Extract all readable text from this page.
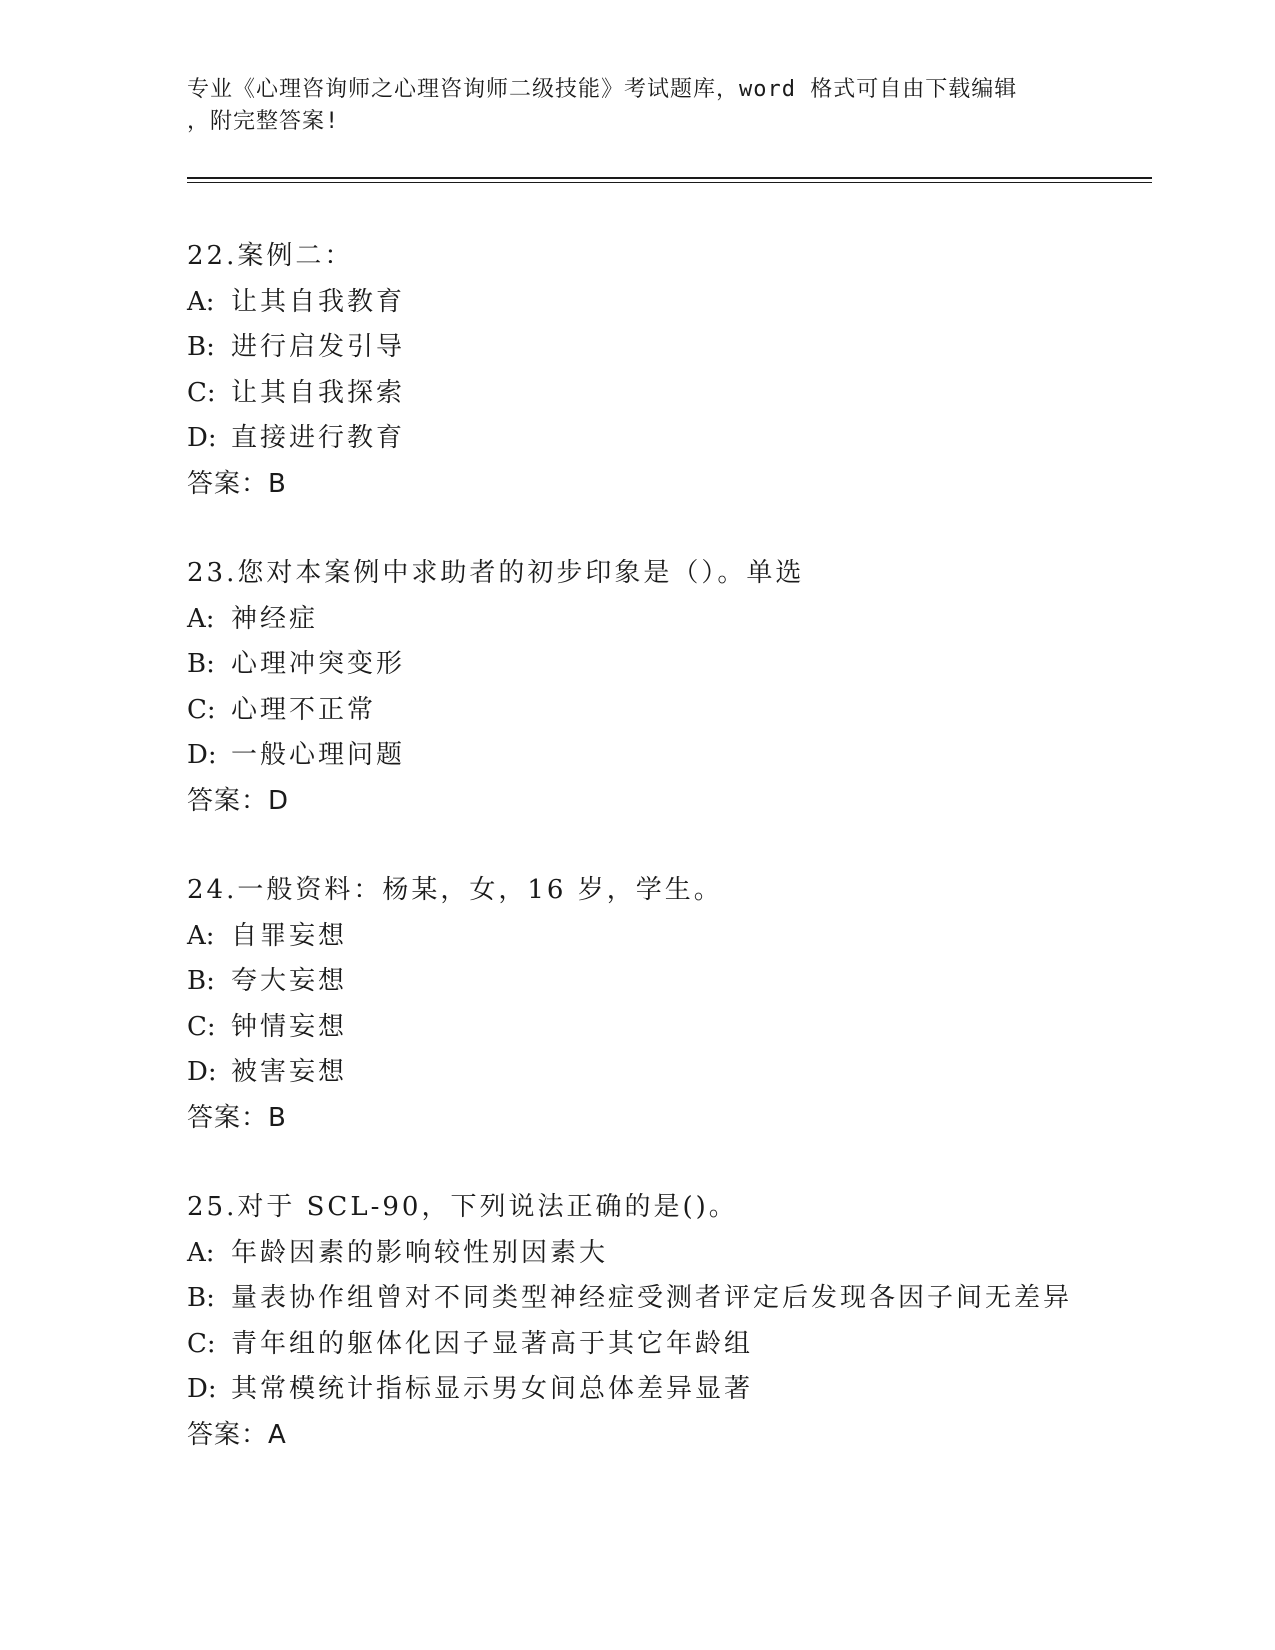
专业《心理咨询师之心理咨询师二级技能》考试题库，word 格式可自由下载编辑
，附完整答案!
22.案例二：
A: 让其自我教育
B: 进行启发引导
C: 让其自我探索
D: 直接进行教育
答案：B
23.您对本案例中求助者的初步印象是（）。单选
A: 神经症
B: 心理冲突变形
C: 心理不正常
D: 一般心理问题
答案：D
24.一般资料：杨某，女，16 岁，学生。
A: 自罪妄想
B: 夸大妄想
C: 钟情妄想
D: 被害妄想
答案：B
25.对于 SCL-90，下列说法正确的是()。
A: 年龄因素的影响较性别因素大
B: 量表协作组曾对不同类型神经症受测者评定后发现各因子间无差异
C: 青年组的躯体化因子显著高于其它年龄组
D: 其常模统计指标显示男女间总体差异显著
答案：A
